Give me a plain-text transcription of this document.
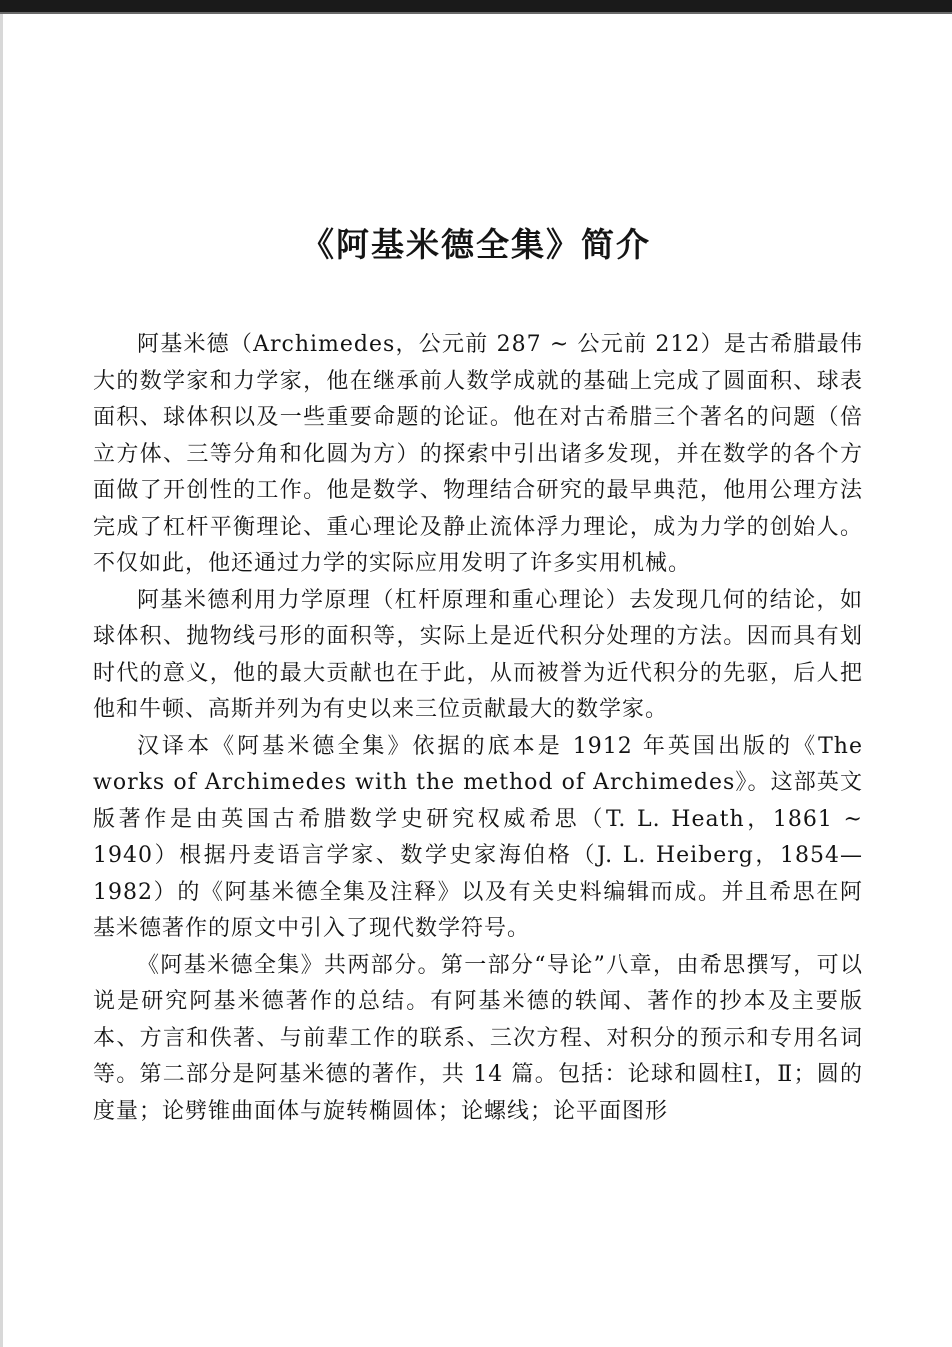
《阿基米德全集》简介

阿基米德（Archimedes，公元前 287 ~ 公元前 212）是古希腊最伟大的数学家和力学家，他在继承前人数学成就的基础上完成了圆面积、球表面积、球体积以及一些重要命题的论证。他在对古希腊三个著名的问题（倍立方体、三等分角和化圆为方）的探索中引出诸多发现，并在数学的各个方面做了开创性的工作。他是数学、物理结合研究的最早典范，他用公理方法完成了杠杆平衡理论、重心理论及静止流体浮力理论，成为力学的创始人。不仅如此，他还通过力学的实际应用发明了许多实用机械。

阿基米德利用力学原理（杠杆原理和重心理论）去发现几何的结论，如球体积、抛物线弓形的面积等，实际上是近代积分处理的方法。因而具有划时代的意义，他的最大贡献也在于此，从而被誉为近代积分的先驱，后人把他和牛顿、高斯并列为有史以来三位贡献最大的数学家。

汉译本《阿基米德全集》依据的底本是 1912 年英国出版的《The works of Archimedes with the method of Archimedes》。这部英文版著作是由英国古希腊数学史研究权威希思（T. L. Heath，1861 ~ 1940）根据丹麦语言学家、数学史家海伯格（J. L. Heiberg，1854—1982）的《阿基米德全集及注释》以及有关史料编辑而成。并且希思在阿基米德著作的原文中引入了现代数学符号。

《阿基米德全集》共两部分。第一部分“导论”八章，由希思撰写，可以说是研究阿基米德著作的总结。有阿基米德的轶闻、著作的抄本及主要版本、方言和佚著、与前辈工作的联系、三次方程、对积分的预示和专用名词等。第二部分是阿基米德的著作，共 14 篇。包括：论球和圆柱Ⅰ，Ⅱ；圆的度量；论劈锥曲面体与旋转椭圆体；论螺线；论平面图形
